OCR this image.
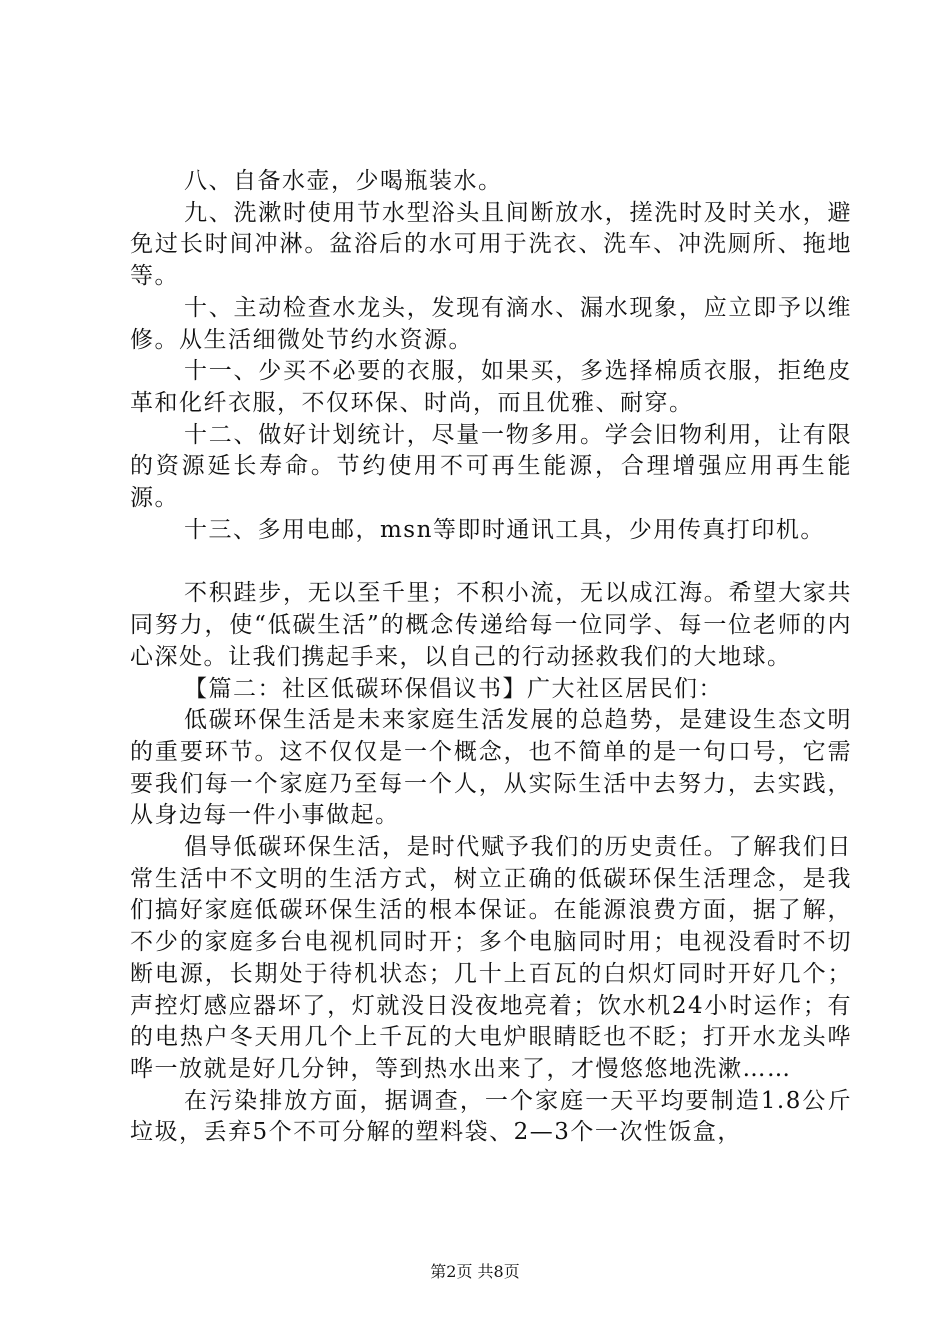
八、自备水壶，少喝瓶装水。

九、洗漱时使用节水型浴头且间断放水，搓洗时及时关水，避免过长时间冲淋。盆浴后的水可用于洗衣、洗车、冲洗厕所、拖地等。

十、主动检查水龙头，发现有滴水、漏水现象，应立即予以维修。从生活细微处节约水资源。

十一、少买不必要的衣服，如果买，多选择棉质衣服，拒绝皮革和化纤衣服，不仅环保、时尚，而且优雅、耐穿。

十二、做好计划统计，尽量一物多用。学会旧物利用，让有限的资源延长寿命。节约使用不可再生能源，合理增强应用再生能源。

十三、多用电邮，msn等即时通讯工具，少用传真打印机。

不积跬步，无以至千里；不积小流，无以成江海。希望大家共同努力，使“低碳生活”的概念传递给每一位同学、每一位老师的内心深处。让我们携起手来，以自己的行动拯救我们的大地球。

【篇二：社区低碳环保倡议书】广大社区居民们：

低碳环保生活是未来家庭生活发展的总趋势，是建设生态文明的重要环节。这不仅仅是一个概念，也不简单的是一句口号，它需要我们每一个家庭乃至每一个人，从实际生活中去努力，去实践，从身边每一件小事做起。

倡导低碳环保生活，是时代赋予我们的历史责任。了解我们日常生活中不文明的生活方式，树立正确的低碳环保生活理念，是我们搞好家庭低碳环保生活的根本保证。在能源浪费方面，据了解，不少的家庭多台电视机同时开；多个电脑同时用；电视没看时不切断电源，长期处于待机状态；几十上百瓦的白炽灯同时开好几个；声控灯感应器坏了，灯就没日没夜地亮着；饮水机24小时运作；有的电热户冬天用几个上千瓦的大电炉眼睛眨也不眨；打开水龙头哗哗一放就是好几分钟，等到热水出来了，才慢悠悠地洗漱……

在污染排放方面，据调查，一个家庭一天平均要制造1.8公斤垃圾，丢弃5个不可分解的塑料袋、2—3个一次性饭盒，

第2页 共8页
